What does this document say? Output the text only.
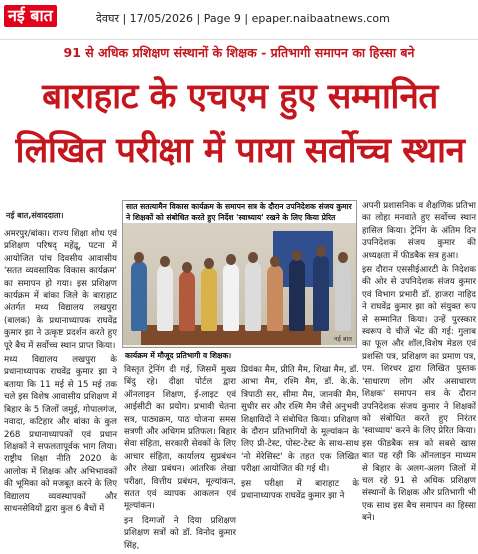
नई बात	देवघर | 17/05/2026 | Page 9 | epaper.naibaatnews.com
91 से अधिक प्रशिक्षण संस्थानों के शिक्षक - प्रतिभागी समापन का हिस्सा बने
बाराहाट के एचएम हुए सम्मानित
लिखित परीक्षा में पाया सर्वोच्च स्थान
नई बात,संवाददाता।

अमरपुर/बांका। राज्य शिक्षा शोध एवं प्रशिक्षण परिषद् महेंद्रू, पटना में आयोजित पांच दिवसीय आवासीय 'सतत व्यवसायिक विकास कार्यक्रम' का समापन हो गया। इस प्रशिक्षण कार्यक्रम में बांका जिले के बाराहाट अंतर्गत मध्य विद्यालय लखपुरा (बालक) के प्रधानाध्यापक राघवेंद्र कुमार झा ने उत्कृष्ट प्रदर्शन करते हुए पूरे बैच में सर्वोच्च स्थान प्राप्त किया।

मध्य विद्यालय लखपुरा के प्रधानाध्यापक राघवेंद्र कुमार झा ने बताया कि 11 मई से 15 मई तक चले इस विशेष आवासीय प्रशिक्षण में बिहार के 5 जिलों जमुई, गोपालगंज, नवादा, कटिहार और बांका के कुल 268 प्रधानाध्यापकों एवं प्रधान शिक्षकों ने सफलतापूर्वक भाग लिया। राष्ट्रीय शिक्षा नीति 2020 के आलोक में शिक्षक और अभिभावकों की भूमिका को मजबूत करने के लिए विद्यालय व्यवस्थापकों और साधनसेवियों द्वारा कुल 6 बैचों में

सात सतत्यामैन विकास कार्यक्रम के समापन सत्र के दौरान उपनिदेशक संजय कुमार ने शिक्षकों को संबोधित करते हुए निर्देश 'स्वाध्याय' रखने के लिए किया प्रेरित
नई बात
कार्यक्रम में मौजूद प्रतिभागी व शिक्षक।

विस्तृत ट्रेनिंग दी गई, जिसमें मुख्य बिंदु रहे। दीक्षा पोर्टल द्वारा ऑनलाइन शिक्षण, ई-लाइट एवं आईसीटी का प्रयोग। प्रभावी चेतना सत्र, पाठ्यक्रम, पाठ योजना समस सत्रणी और अधिगम प्रतिफल। बिहार सेवा संहिता, सरकारी सेवकों के लिए आचार संहिता, कार्यालय सुप्रबंधन और लेखा प्रबंधन। आंतरिक लेखा परीक्षा, वित्तीय प्रबंधन, मूल्यांकन, सतत एवं व्यापक आकलन एवं मूल्यांकन।

इन दिग्गजों ने दिया प्रशिक्षण प्रशिक्षण सत्रों को डॉ. विनोद कुमार सिंह,

प्रियंका मैम, प्रीति मैम, शिखा मैम, डॉ. आभा मैम, रश्मि मैम, डॉ. के.के. त्रिपाठी सर, सीमा मैम, जानकी मैम, सुधीर सर और रश्मि मैम जैसे अनुभवी शिक्षाविदों ने संबोधित किया। प्रशिक्षण के दौरान प्रतिभागियों के मूल्यांकन के लिए प्री-टेस्ट, पोस्ट-टेस्ट के साथ-साथ 'नो मेरेसिस्ट' के तहत एक लिखित परीक्षा आयोजित की गई थी।

इस परीक्षा में बाराहाट के प्रधानाध्यापक राघवेंद्र कुमार झा ने

अपनी प्रशासनिक व शैक्षणिक प्रतिभा का लोहा मनवाते हुए सर्वोच्च स्थान हासिल किया। ट्रेनिंग के अंतिम दिन उपनिदेशक संजय कुमार की अध्यक्षता में फीडबैक सत्र हुआ।

इस दौरान एससीईआरटी के निदेशक की ओर से उपनिदेशक संजय कुमार एवं विभाग प्रभारी डॉ. हाजरा नाहिद ने राघवेंद्र कुमार झा को संयुक्त रूप से सम्मानित किया। उन्हें पुरस्कार स्वरूप ये चीजें भेंट की गई: गुलाब का फूल और शॉल,विशेष मेडल एवं प्रशस्ति पत्र, प्रशिक्षण का प्रमाण पत्र, एम. शिरधर द्वारा लिखित पुस्तक 'साधारण लोग और असाधारण शिक्षक' समापन सत्र के दौरान उपनिदेशक संजय कुमार ने शिक्षकों को संबोधित करते हुए निरंतर 'स्वाध्याय' करने के लिए प्रेरित किया। इस फीडबैक सत्र को सबसे खास बात यह रही कि ऑनलाइन माध्यम से बिहार के अलग-अलग जिलों में चल रहे 91 से अधिक प्रशिक्षण संस्थानों के शिक्षक और प्रतिभागी भी एक साथ इस बैच समापन का हिस्सा बने।
